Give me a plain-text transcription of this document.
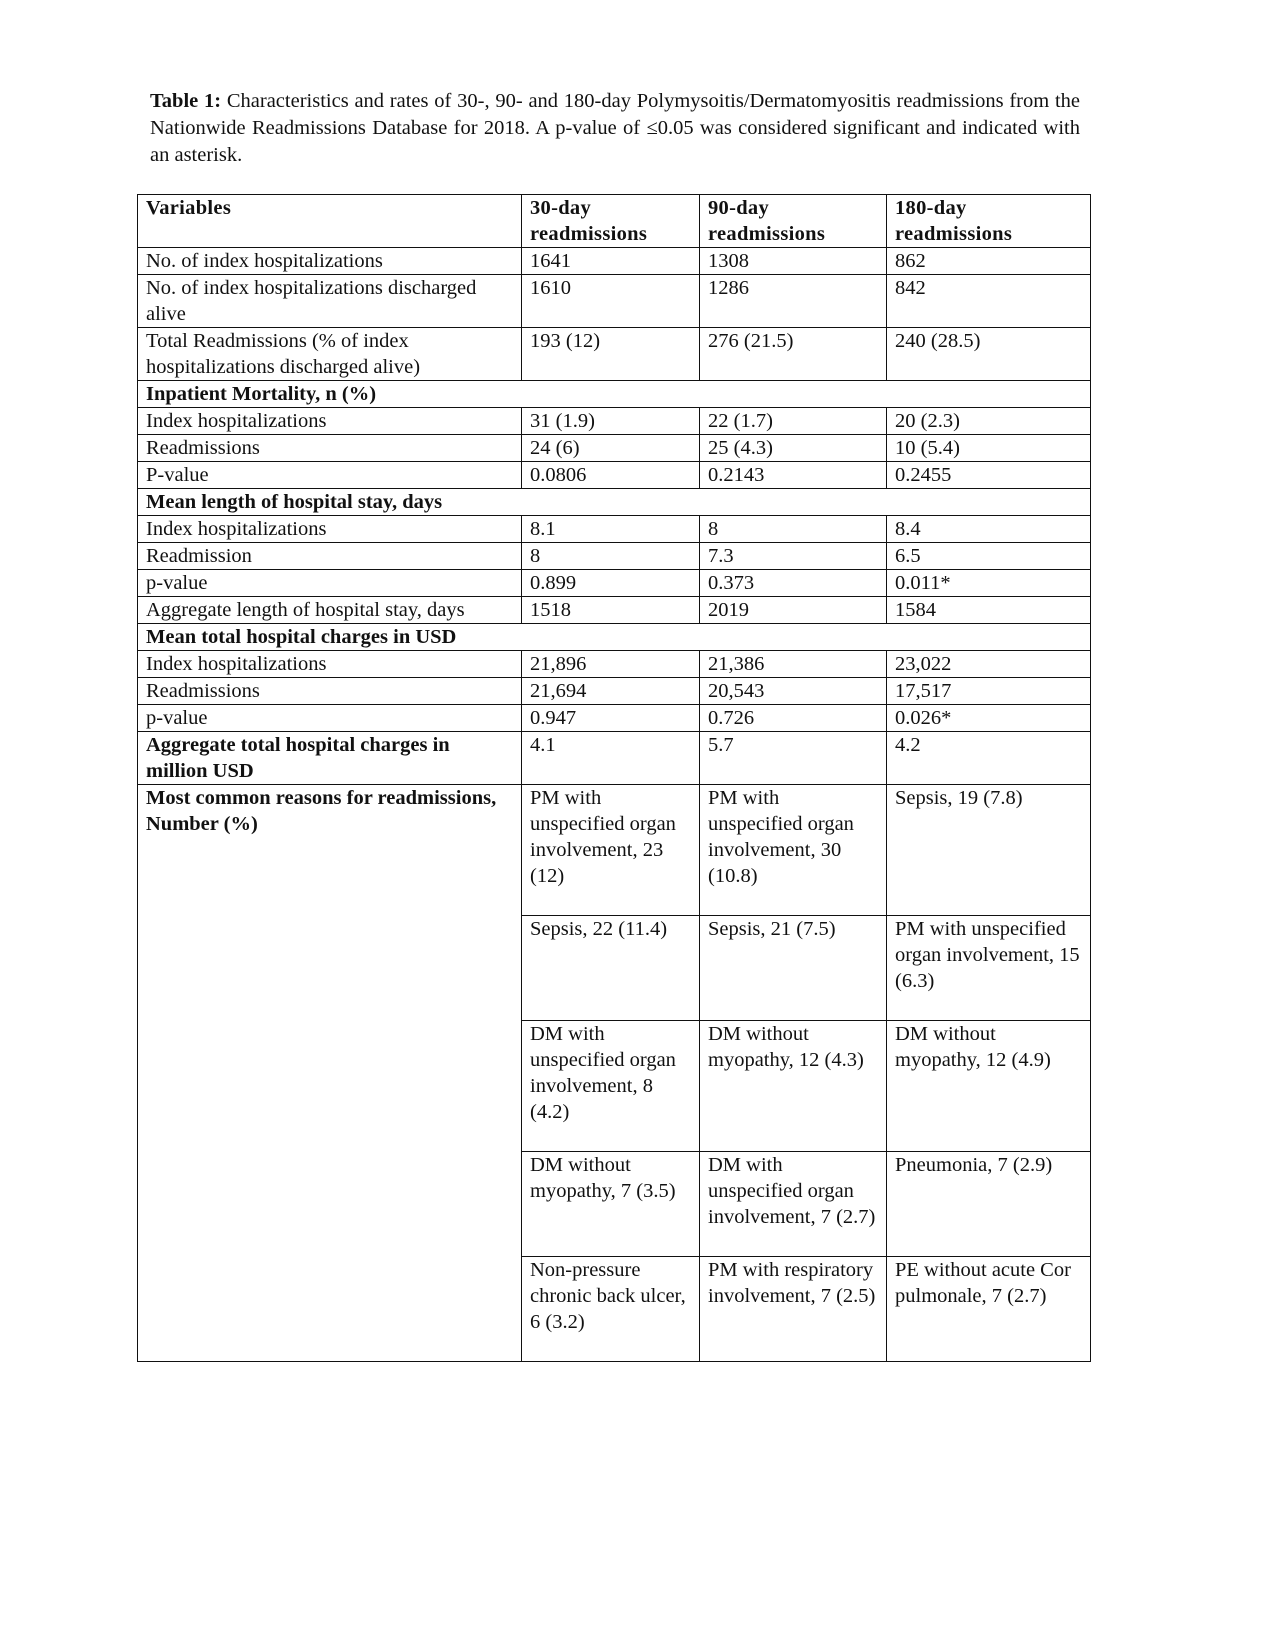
Table 1: Characteristics and rates of 30-, 90- and 180-day Polymysoitis/Dermatomyositis readmissions from the Nationwide Readmissions Database for 2018. A p-value of ≤0.05 was considered significant and indicated with an asterisk.
Variables	30-day readmissions	90-day readmissions	180-day readmissions
No. of index hospitalizations	1641	1308	862
No. of index hospitalizations discharged alive	1610	1286	842
Total Readmissions (% of index hospitalizations discharged alive)	193 (12)	276 (21.5)	240 (28.5)
Inpatient Mortality, n (%)			
Index hospitalizations	31 (1.9)	22 (1.7)	20 (2.3)
Readmissions	24 (6)	25 (4.3)	10 (5.4)
P-value	0.0806	0.2143	0.2455
Mean length of hospital stay, days			
Index hospitalizations	8.1	8	8.4
Readmission	8	7.3	6.5
p-value	0.899	0.373	0.011*
Aggregate length of hospital stay, days	1518	2019	1584
Mean total hospital charges in USD			
Index hospitalizations	21,896	21,386	23,022
Readmissions	21,694	20,543	17,517
p-value	0.947	0.726	0.026*
Aggregate total hospital charges in million USD	4.1	5.7	4.2
Most common reasons for readmissions, Number (%)	PM with unspecified organ involvement, 23 (12)	PM with unspecified organ involvement, 30 (10.8)	Sepsis, 19 (7.8)
	Sepsis, 22 (11.4)	Sepsis, 21 (7.5)	PM with unspecified organ involvement, 15 (6.3)
	DM with unspecified organ involvement, 8 (4.2)	DM without myopathy, 12 (4.3)	DM without myopathy, 12 (4.9)
	DM without myopathy, 7 (3.5)	DM with unspecified organ involvement, 7 (2.7)	Pneumonia, 7 (2.9)
	Non-pressure chronic back ulcer, 6 (3.2)	PM with respiratory involvement, 7 (2.5)	PE without acute Cor pulmonale, 7 (2.7)
